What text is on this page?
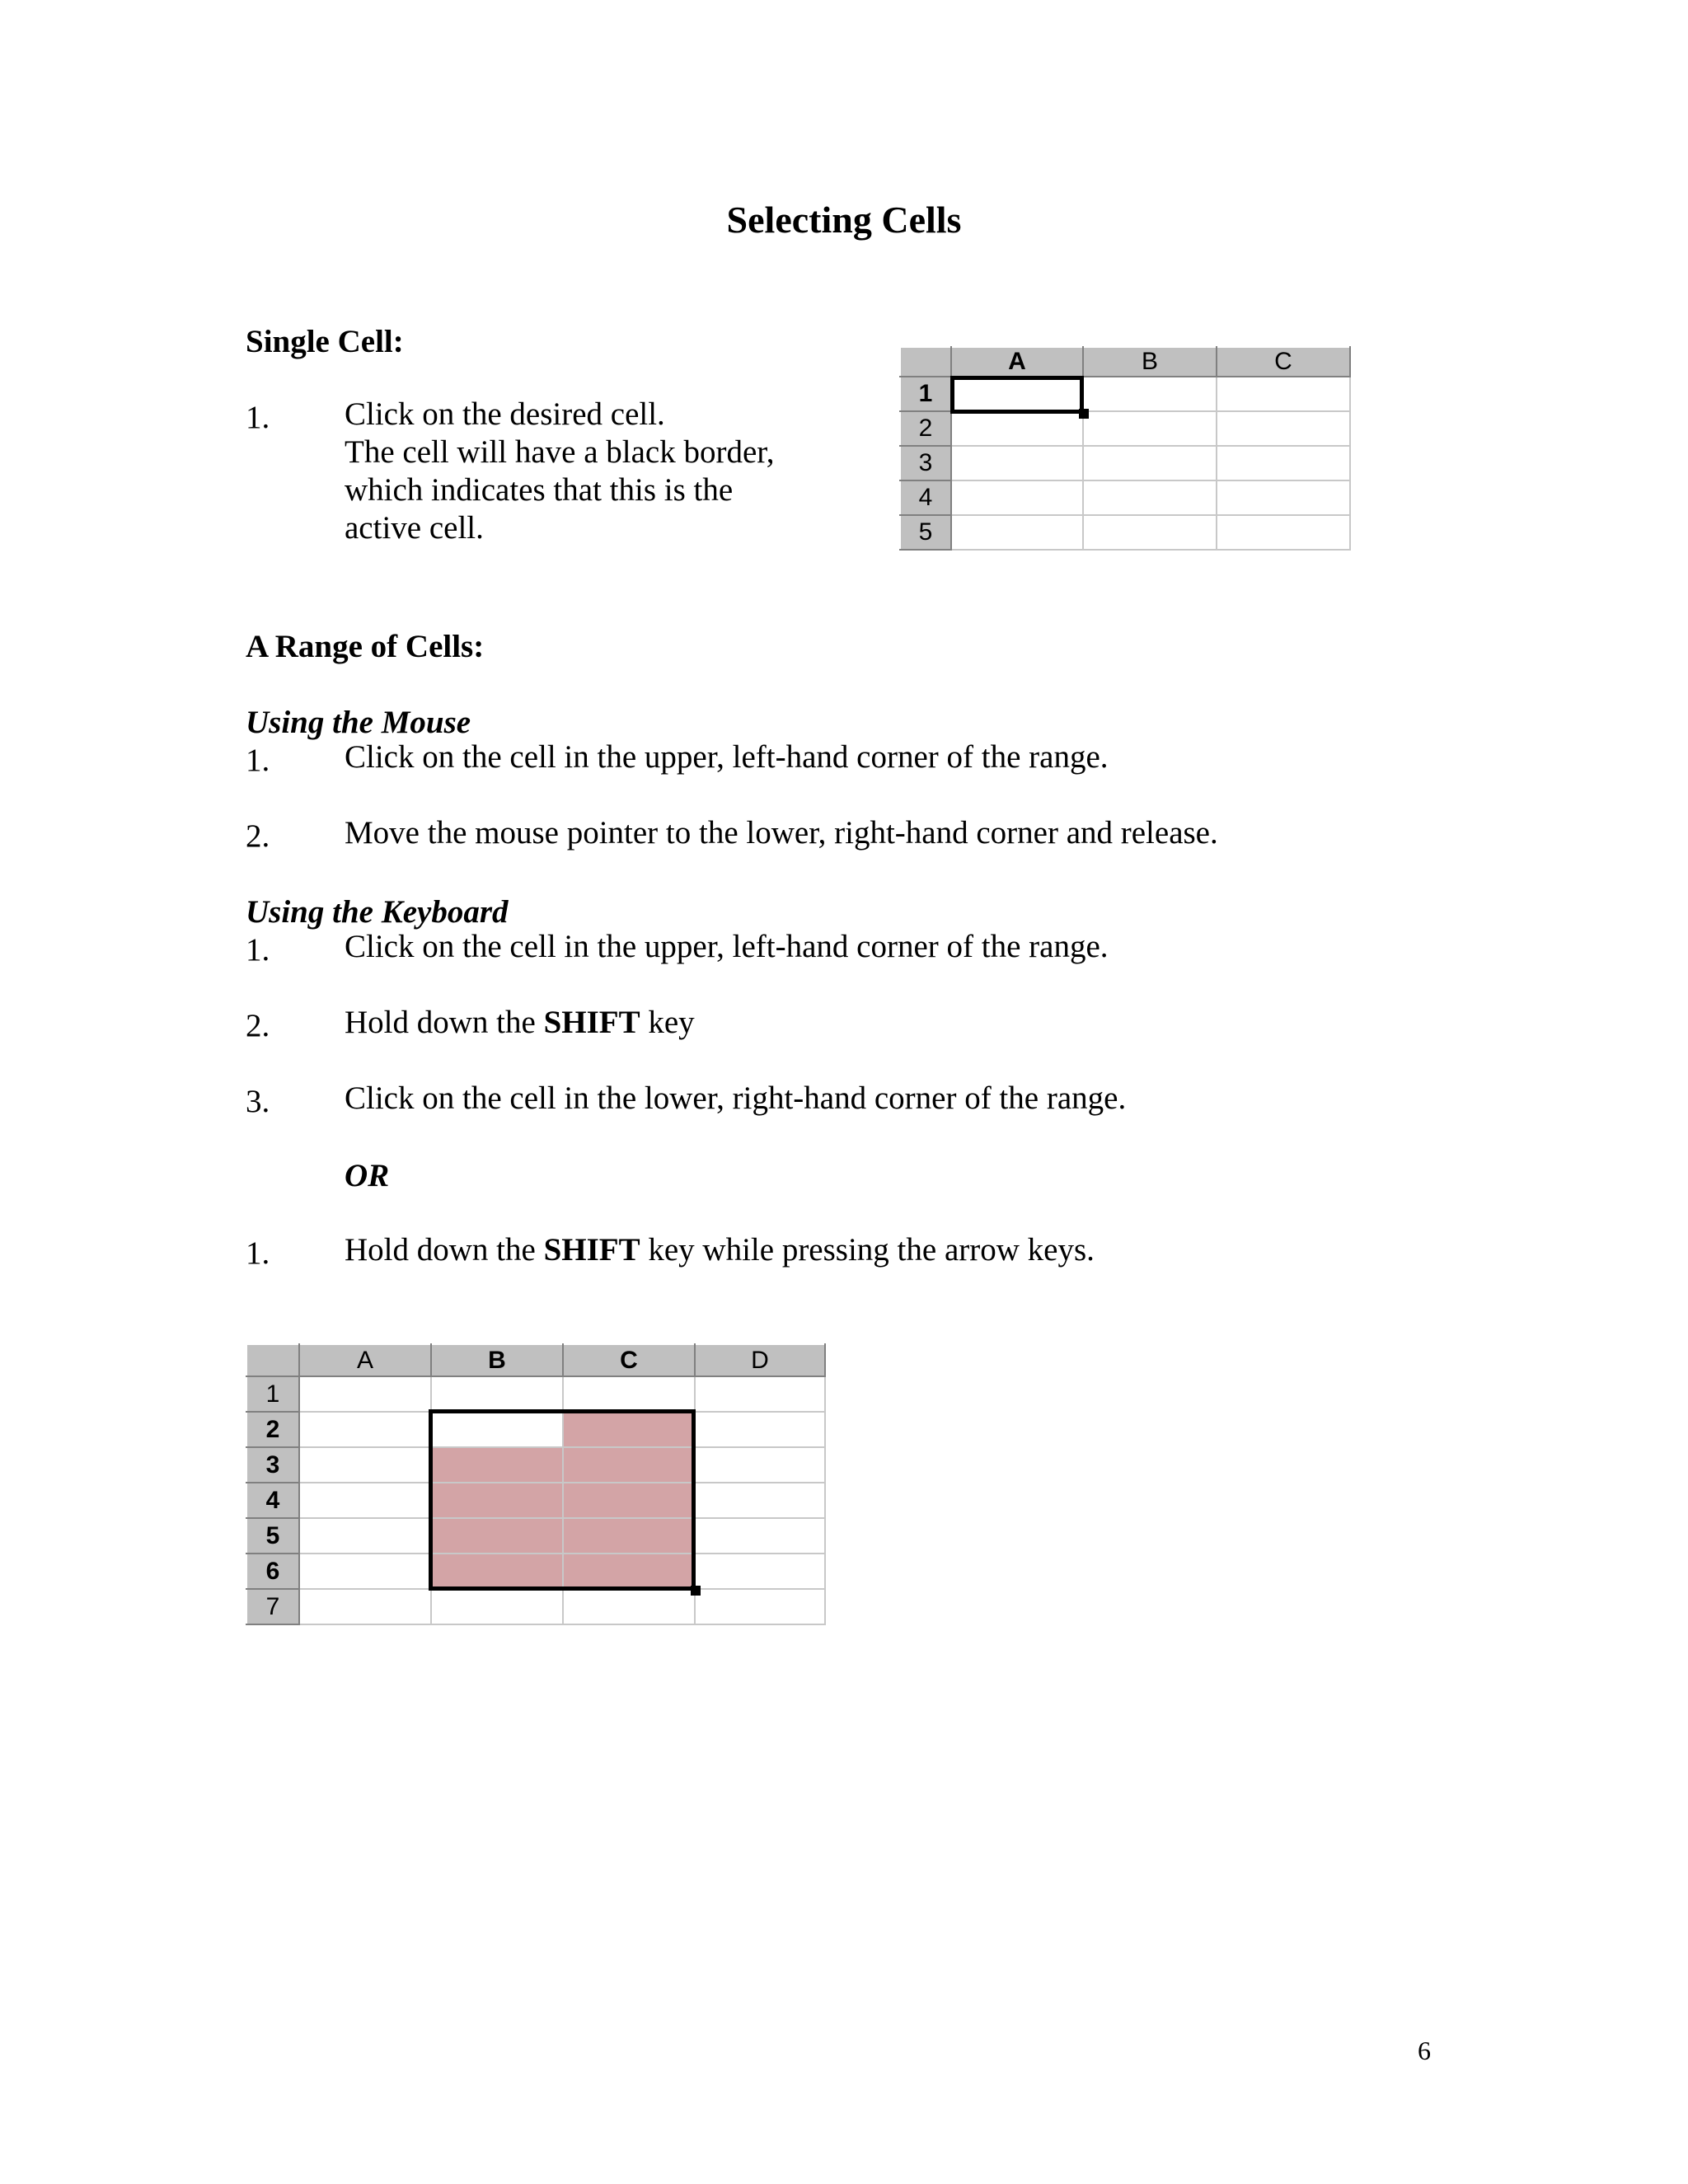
Selecting Cells
Single Cell:
1. Click on the desired cell.
The cell will have a black border,
which indicates that this is the
active cell.
	A	B	C
1			
2			
3			
4			
5			
A Range of Cells:
Using the Mouse
1. Click on the cell in the upper, left-hand corner of the range.
2. Move the mouse pointer to the lower, right-hand corner and release.
Using the Keyboard
1. Click on the cell in the upper, left-hand corner of the range.
2. Hold down the SHIFT key
3. Click on the cell in the lower, right-hand corner of the range.
OR
1. Hold down the SHIFT key while pressing the arrow keys.
	A	B	C	D
1				
2				
3				
4				
5				
6				
7				
6
